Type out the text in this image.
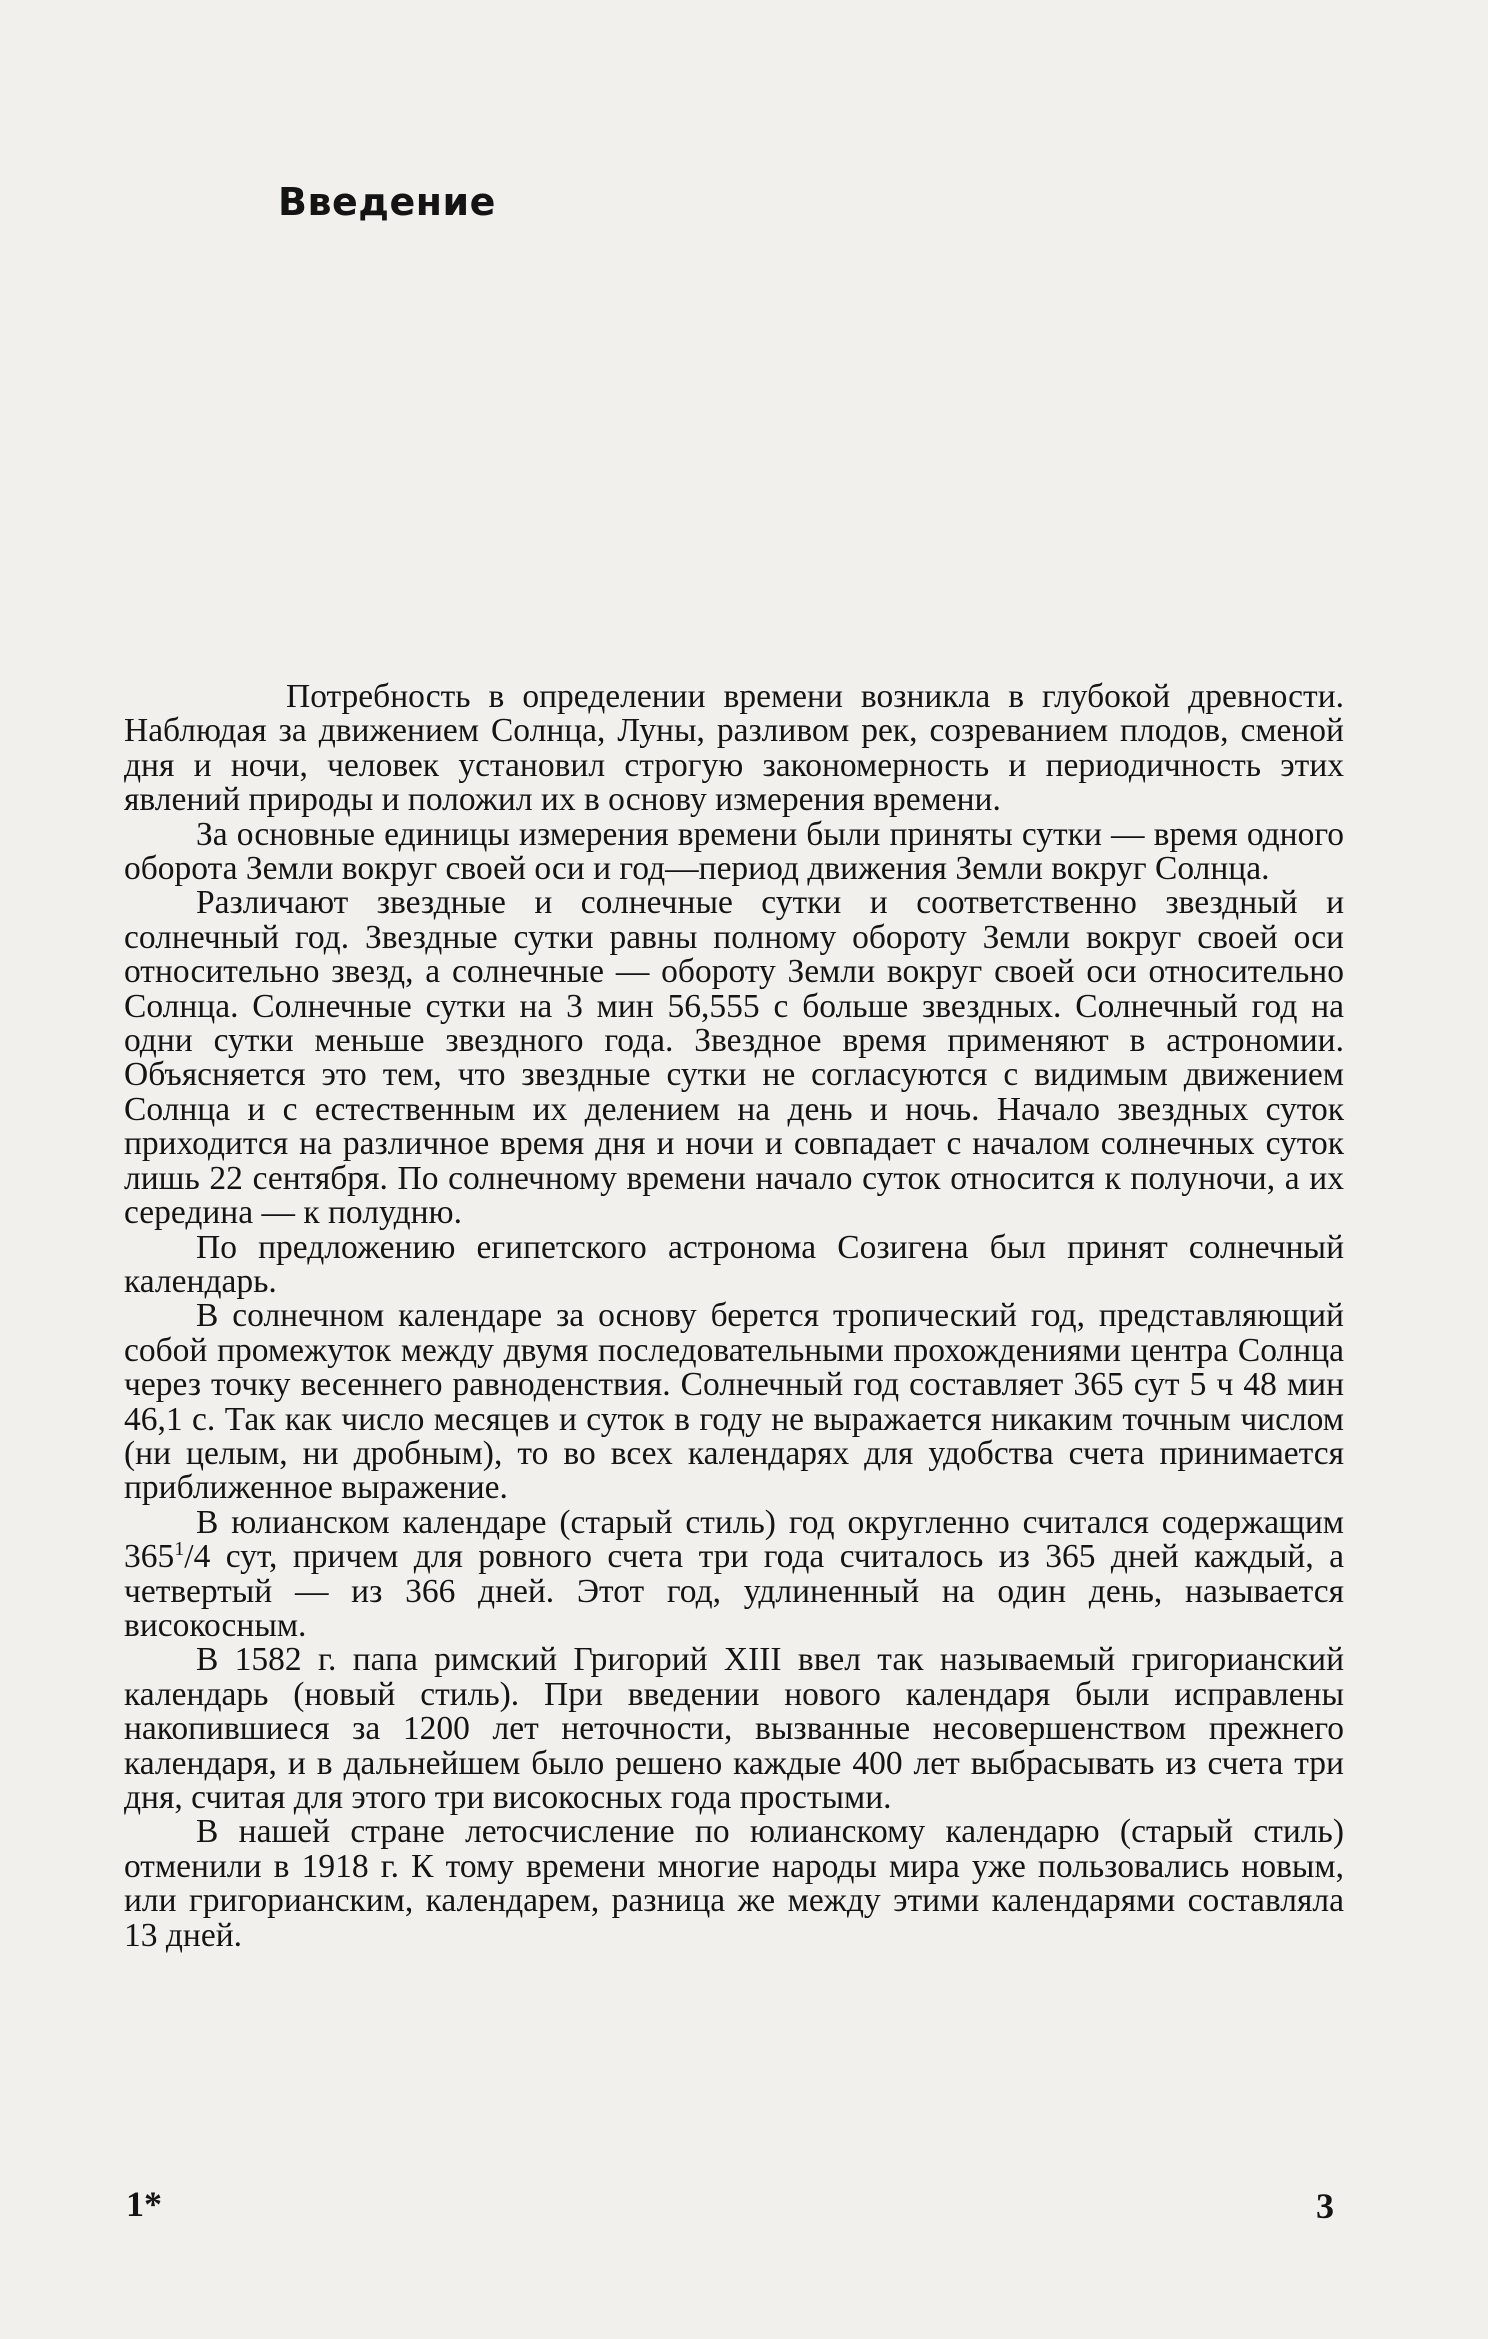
Введение

Потребность в определении времени возникла в глубокой древности. Наблюдая за движением Солнца, Луны, разливом рек, созреванием плодов, сменой дня и ночи, человек установил строгую закономерность и периодичность этих явлений природы и положил их в основу измерения времени.

За основные единицы измерения времени были приняты сутки — время одного оборота Земли вокруг своей оси и год—период движения Земли вокруг Солнца.

Различают звездные и солнечные сутки и соответственно звездный и солнечный год. Звездные сутки равны полному обороту Земли вокруг своей оси относительно звезд, а солнечные — обороту Земли вокруг своей оси относительно Солнца. Солнечные сутки на 3 мин 56,555 с больше звездных. Солнечный год на одни сутки меньше звездного года. Звездное время применяют в астрономии. Объясняется это тем, что звездные сутки не согласуются с видимым движением Солнца и с естественным их делением на день и ночь. Начало звездных суток приходится на различное время дня и ночи и совпадает с началом солнечных суток лишь 22 сентября. По солнечному времени начало суток относится к полуночи, а их середина — к полудню.

По предложению египетского астронома Созигена был принят солнечный календарь.

В солнечном календаре за основу берется тропический год, представляющий собой промежуток между двумя последовательными прохождениями центра Солнца через точку весеннего равноденствия. Солнечный год составляет 365 сут 5 ч 48 мин 46,1 с. Так как число месяцев и суток в году не выражается никаким точным числом (ни целым, ни дробным), то во всех календарях для удобства счета принимается приближенное выражение.

В юлианском календаре (старый стиль) год округленно считался содержащим $365^1/4$ сут, причем для ровного счета три года считалось из 365 дней каждый, а четвертый — из 366 дней. Этот год, удлиненный на один день, называется високосным.

В 1582 г. папа римский Григорий XIII ввел так называемый григорианский календарь (новый стиль). При введении нового календаря были исправлены накопившиеся за 1200 лет неточности, вызванные несовершенством прежнего календаря, и в дальнейшем было решено каждые 400 лет выбрасывать из счета три дня, считая для этого три високосных года простыми.

В нашей стране летосчисление по юлианскому календарю (старый стиль) отменили в 1918 г. К тому времени многие народы мира уже пользовались новым, или григорианским, календарем, разница же между этими календарями составляла 13 дней.

1*	3
